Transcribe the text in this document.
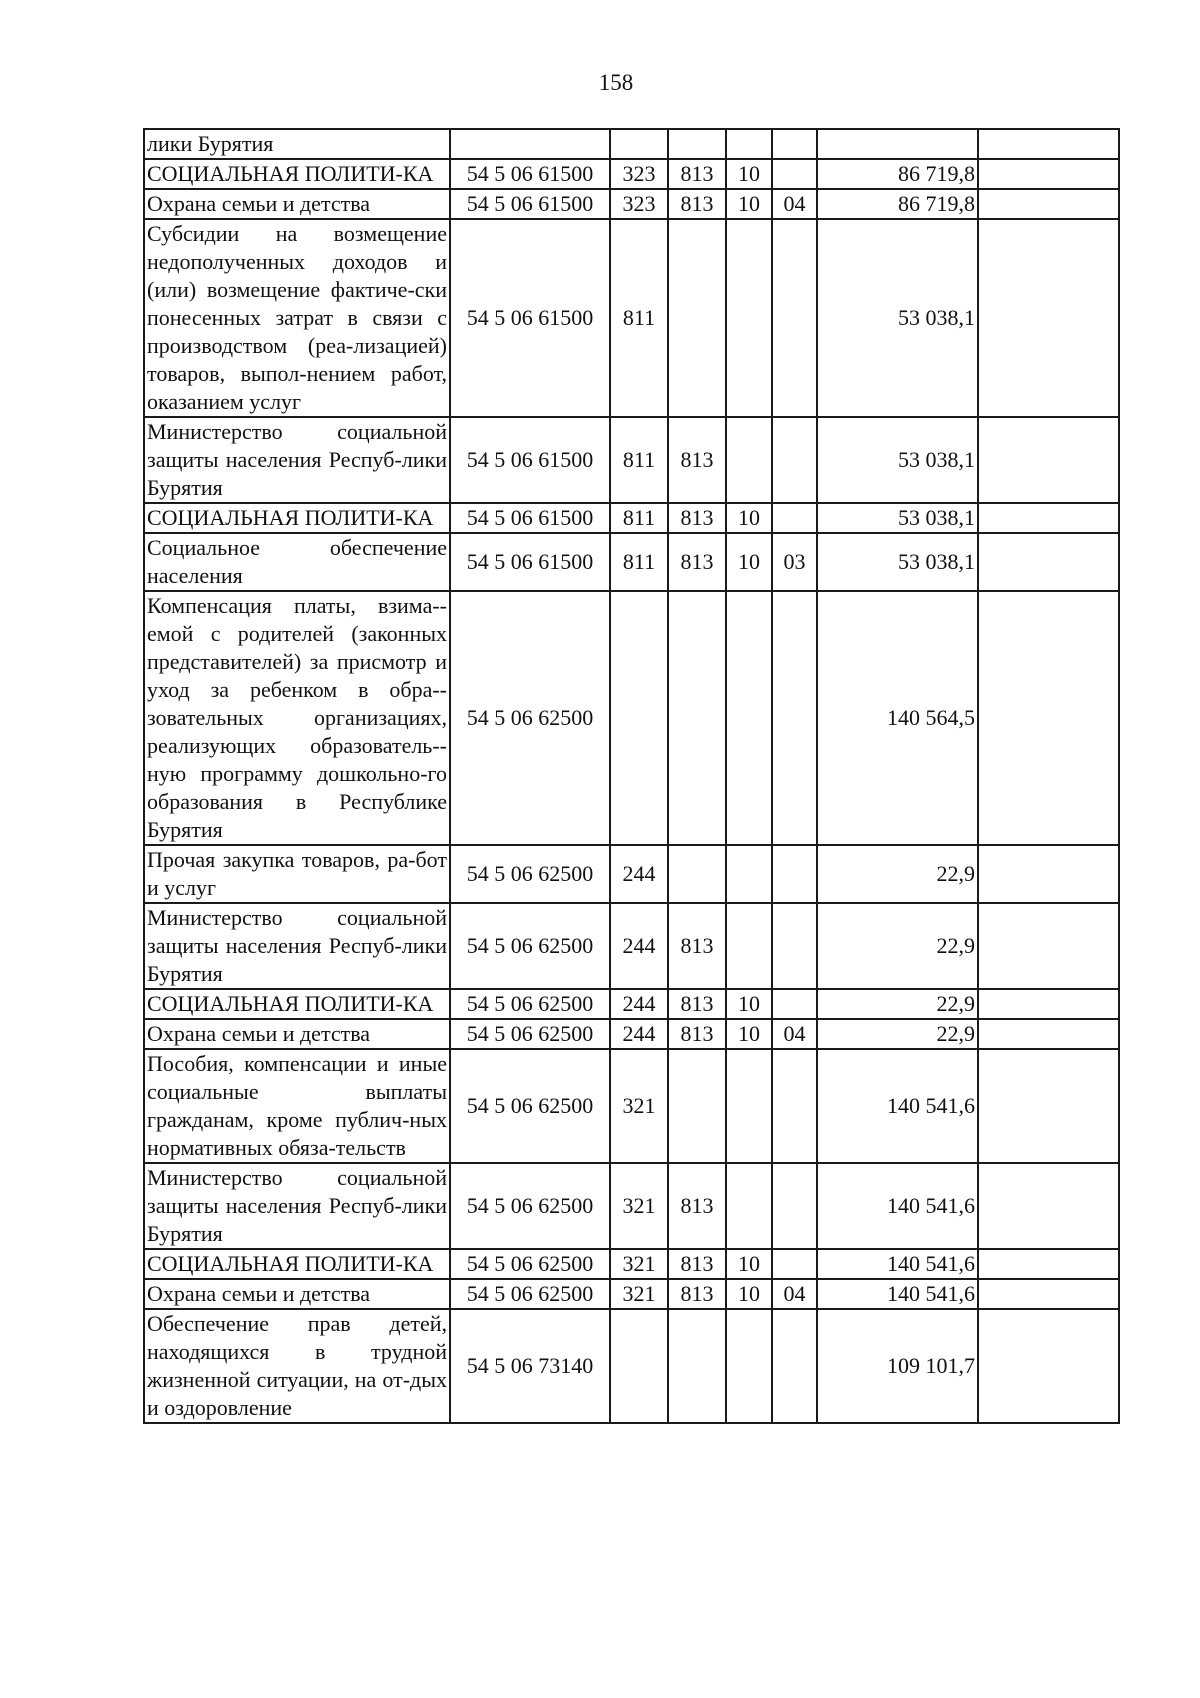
158
лики Бурятия							
СОЦИАЛЬНАЯ ПОЛИТИ-КА	54 5 06 61500	323	813	10		86 719,8	
Охрана семьи и детства	54 5 06 61500	323	813	10	04	86 719,8	
Субсидии на возмещение недополученных доходов и (или) возмещение фактиче-ски понесенных затрат в связи с производством (реа-лизацией) товаров, выпол-нением работ, оказанием услуг	54 5 06 61500	811				53 038,1	
Министерство социальной защиты населения Респуб-лики Бурятия	54 5 06 61500	811	813			53 038,1	
СОЦИАЛЬНАЯ ПОЛИТИ-КА	54 5 06 61500	811	813	10		53 038,1	
Социальное обеспечение населения	54 5 06 61500	811	813	10	03	53 038,1	
Компенсация платы, взима-емой с родителей (законных представителей) за присмотр и уход за ребенком в обра-зовательных организациях, реализующих образователь-ную программу дошкольно-го образования в Республике Бурятия	54 5 06 62500					140 564,5	
Прочая закупка товаров, ра-бот и услуг	54 5 06 62500	244				22,9	
Министерство социальной защиты населения Респуб-лики Бурятия	54 5 06 62500	244	813			22,9	
СОЦИАЛЬНАЯ ПОЛИТИ-КА	54 5 06 62500	244	813	10		22,9	
Охрана семьи и детства	54 5 06 62500	244	813	10	04	22,9	
Пособия, компенсации и иные социальные выплаты гражданам, кроме публич-ных нормативных обяза-тельств	54 5 06 62500	321				140 541,6	
Министерство социальной защиты населения Респуб-лики Бурятия	54 5 06 62500	321	813			140 541,6	
СОЦИАЛЬНАЯ ПОЛИТИ-КА	54 5 06 62500	321	813	10		140 541,6	
Охрана семьи и детства	54 5 06 62500	321	813	10	04	140 541,6	
Обеспечение прав детей, находящихся в трудной жизненной ситуации, на от-дых и оздоровление	54 5 06 73140					109 101,7	
